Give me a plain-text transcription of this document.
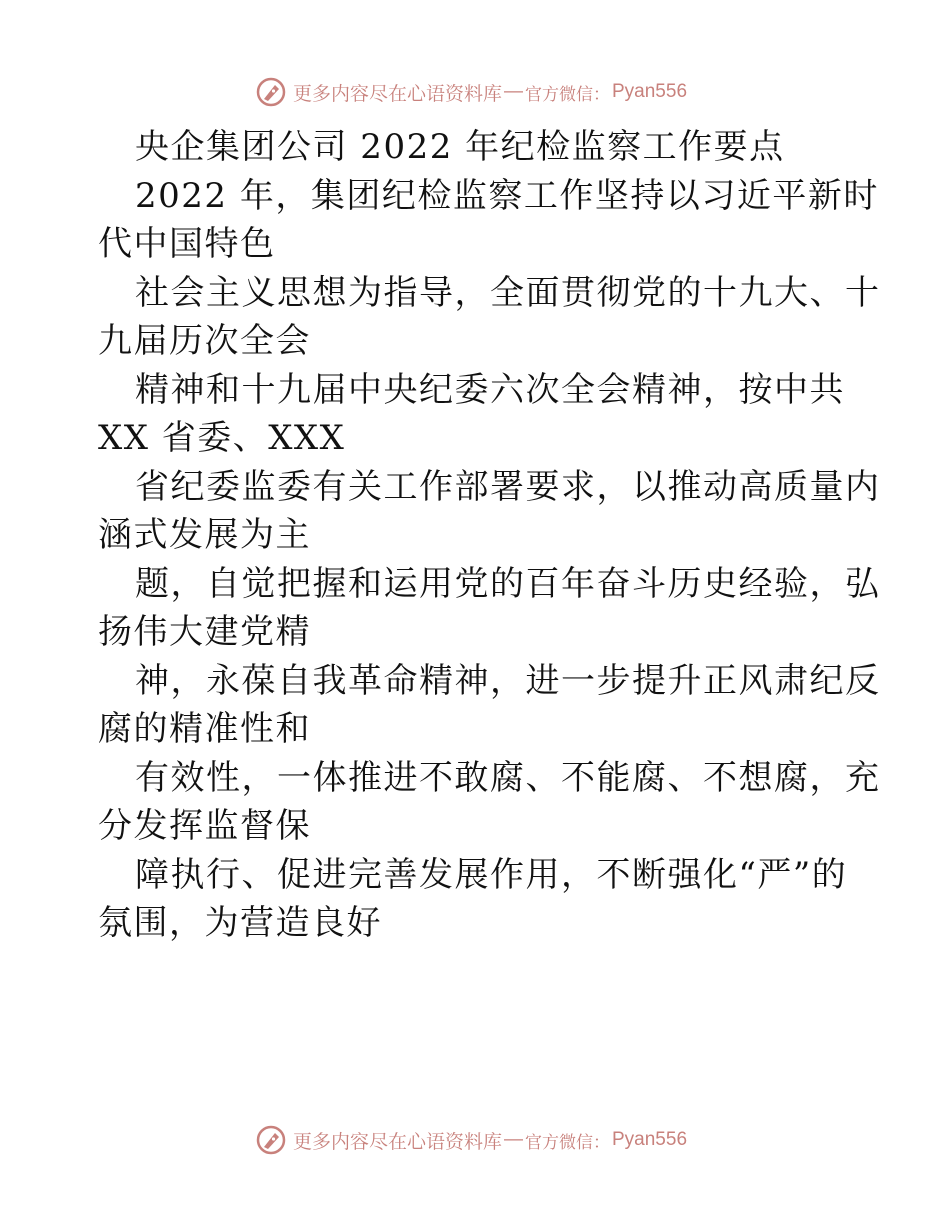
更多内容尽在心语资料库 — 官方微信： Pyan556
央企集团公司 2022 年纪检监察工作要点
2022 年，集团纪检监察工作坚持以习近平新时
代中国特色
社会主义思想为指导，全面贯彻党的十九大、十
九届历次全会
精神和十九届中央纪委六次全会精神，按中共
XX 省委、XXX
省纪委监委有关工作部署要求，以推动高质量内
涵式发展为主
题，自觉把握和运用党的百年奋斗历史经验，弘
扬伟大建党精
神，永葆自我革命精神，进一步提升正风肃纪反
腐的精准性和
有效性，一体推进不敢腐、不能腐、不想腐，充
分发挥监督保
障执行、促进完善发展作用，不断强化“严”的
氛围，为营造良好
更多内容尽在心语资料库 — 官方微信： Pyan556
